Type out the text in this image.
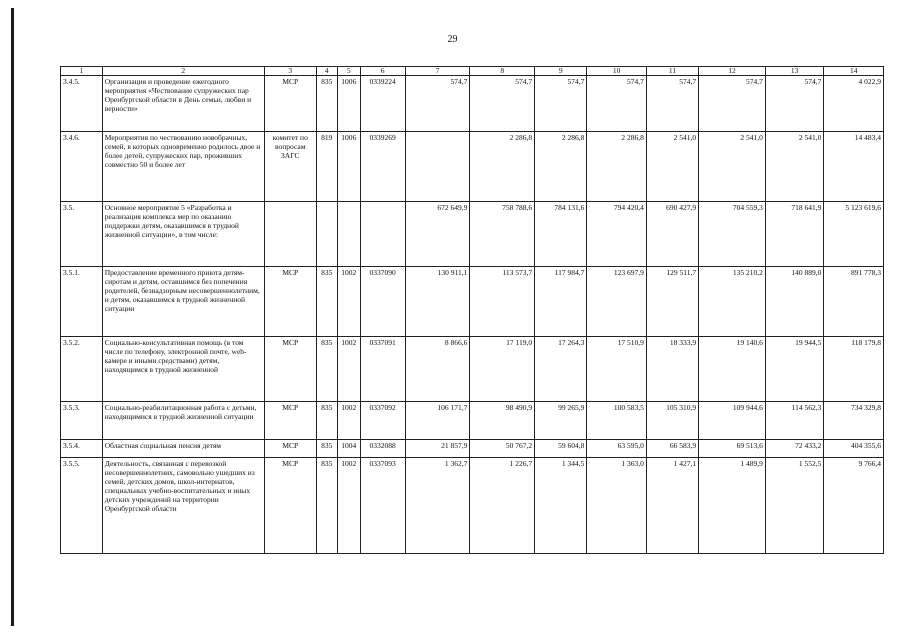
29
1	2	3	4	5	6	7	8	9	10	11	12	13	14
3.4.5.	Организация и проведение ежегодного мероприятия «Чествование супружеских пар Оренбургской области в День семьи, любви и верности»	МСР	835	1006	0339224	574,7	574,7	574,7	574,7	574,7	574,7	574,7	4 022,9
3.4.6.	Мероприятия по чествованию новобрачных, семей, в которых одновременно родилось двое и более детей, супружеских пар, проживших совместно 50 и более лет	комитет по вопросам ЗАГС	819	1006	0339269		2 286,8	2 286,8	2 286,8	2 541,0	2 541,0	2 541,0	14 483,4
3.5.	Основное мероприятие 5 «Разработка и реализация комплекса мер по оказанию поддержки детям, оказавшимся в трудной жизненной ситуации», в том числе:					672 649,9	758 788,6	784 131,6	794 420,4	690 427,9	704 559,3	718 641,9	5 123 619,6
3.5.1.	Предоставление временного приюта детям-сиротам и детям, оставшимся без попечения родителей, безнадзорным несовершеннолетним, и детям, оказавшимся в трудной жизненной ситуации	МСР	835	1002	0337090	130 911,1	113 573,7	117 984,7	123 697,9	129 511,7	135 210,2	140 889,0	891 778,3
3.5.2.	Социально-консультативная помощь (в том числе по телефону, электронной почте, web-камере и иными средствами) детям, находящимся в трудной жизненной	МСР	835	1002	0337091	8 866,6	17 119,0	17 264,3	17 510,9	18 333,9	19 140,6	19 944,5	118 179,8
3.5.3.	Социально-реабилитационная работа с детьми, находящимися в трудной жизненной ситуации	МСР	835	1002	0337092	106 171,7	98 490,9	99 265,9	100 583,5	105 310,9	109 944,6	114 562,3	734 329,8
3.5.4.	Областная социальная пенсия детям	МСР	835	1004	0332088	21 857,9	50 767,2	59 604,8	63 595,0	66 583,9	69 513,6	72 433,2	404 355,6
3.5.5.	Деятельность, связанная с перевозкой несовершеннолетних, самовольно ушедших из семей, детских домов, школ-интернатов, специальных учебно-воспитательных и иных детских учреждений на территории Оренбургской области	МСР	835	1002	0337093	1 362,7	1 226,7	1 344,5	1 363,0	1 427,1	1 489,9	1 552,5	9 766,4
